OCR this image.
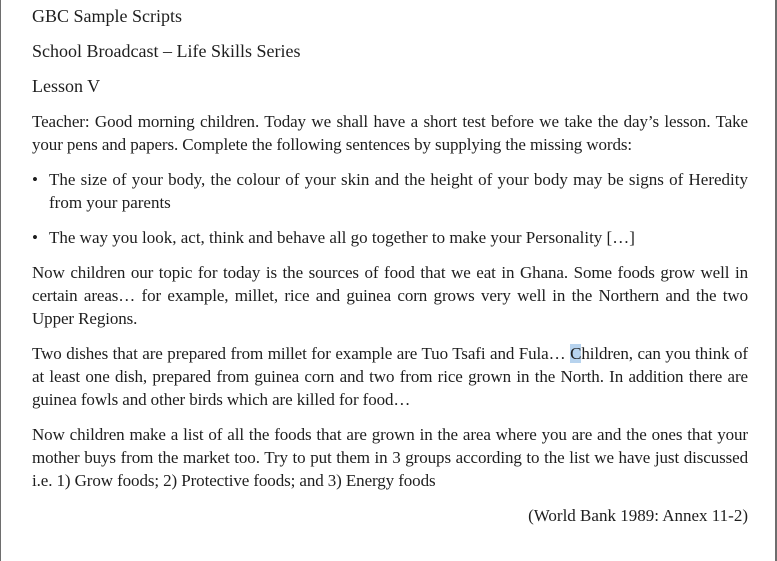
GBC Sample Scripts

School Broadcast – Life Skills Series

Lesson V

Teacher: Good morning children. Today we shall have a short test before we take the day’s lesson. Take your pens and papers. Complete the following sentences by supplying the missing words:

• The size of your body, the colour of your skin and the height of your body may be signs of Heredity from your parents
• The way you look, act, think and behave all go together to make your Personality […]

Now children our topic for today is the sources of food that we eat in Ghana. Some foods grow well in certain areas… for example, millet, rice and guinea corn grows very well in the Northern and the two Upper Regions.

Two dishes that are prepared from millet for example are Tuo Tsafi and Fula… Children, can you think of at least one dish, prepared from guinea corn and two from rice grown in the North. In addition there are guinea fowls and other birds which are killed for food…

Now children make a list of all the foods that are grown in the area where you are and the ones that your mother buys from the market too. Try to put them in 3 groups according to the list we have just discussed i.e. 1) Grow foods; 2) Protective foods; and 3) Energy foods

(World Bank 1989: Annex 11-2)
